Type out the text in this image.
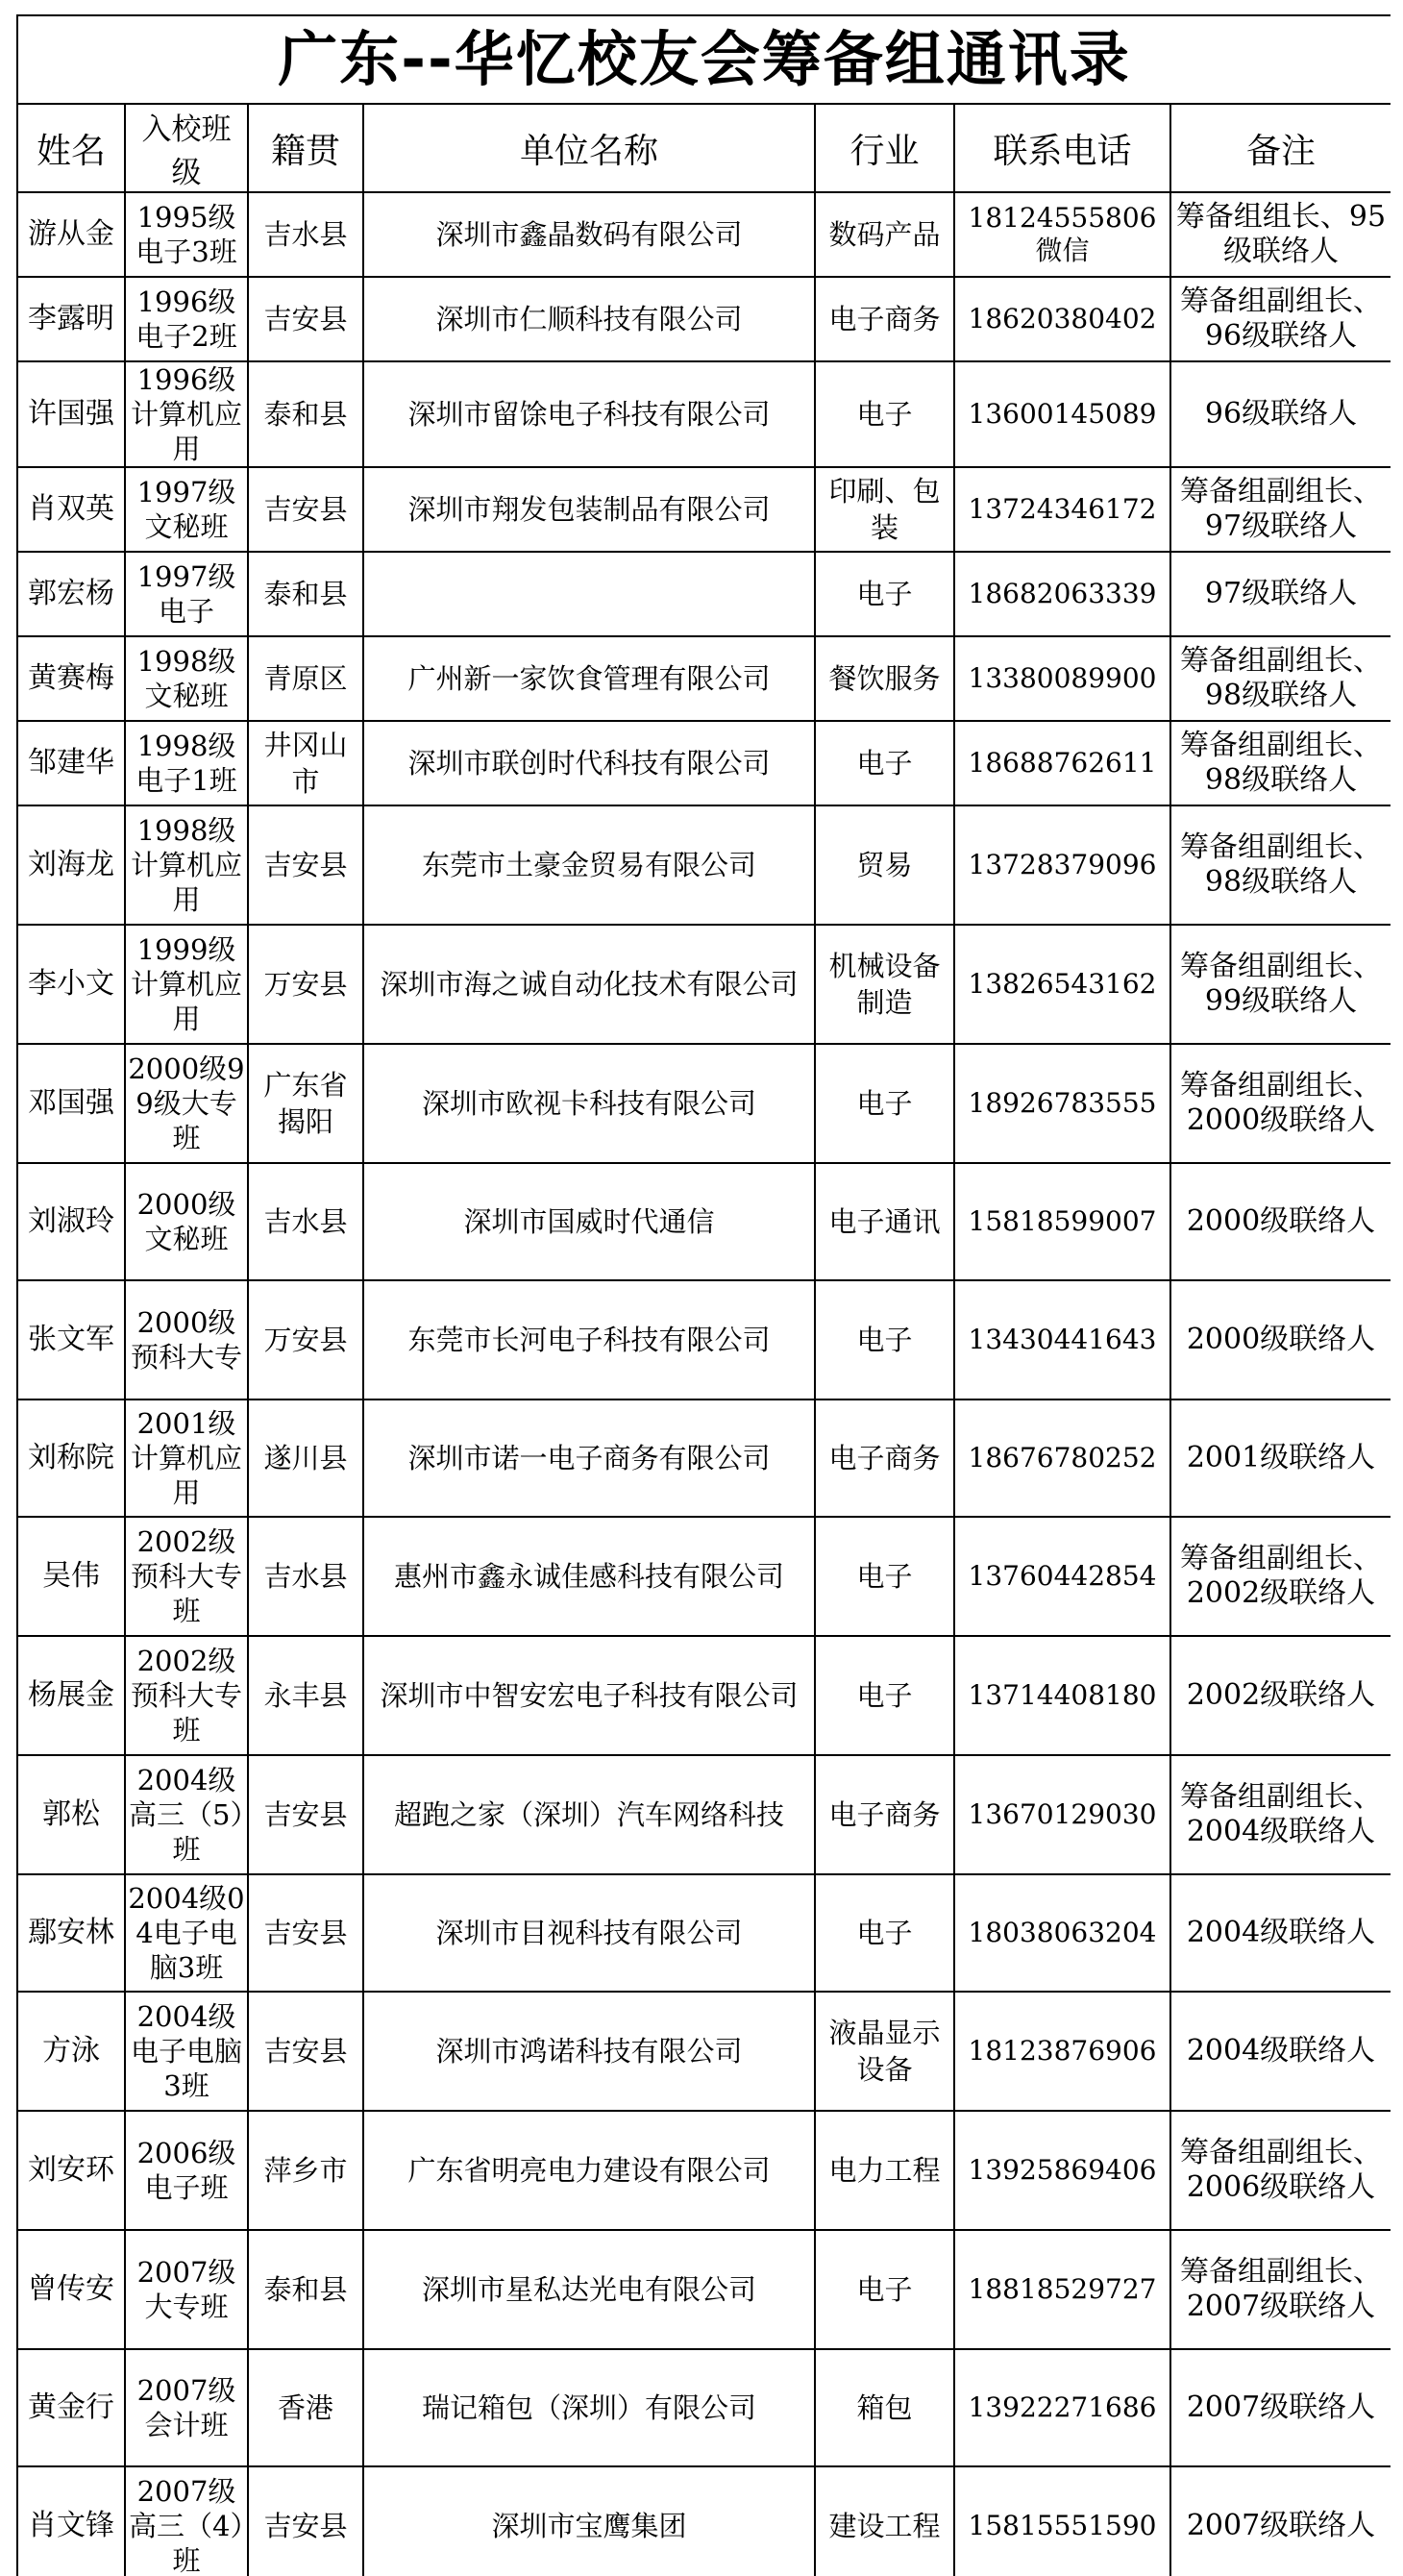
广东--华忆校友会筹备组通讯录						
姓名	入校班级	籍贯	单位名称	行业	联系电话	备注
游从金	1995级电子3班	吉水县	深圳市鑫晶数码有限公司	数码产品	18124555806 微信	筹备组组长、95级联络人
李露明	1996级电子2班	吉安县	深圳市仁顺科技有限公司	电子商务	18620380402	筹备组副组长、96级联络人
许国强	1996级计算机应用	泰和县	深圳市留馀电子科技有限公司	电子	13600145089	96级联络人
肖双英	1997级文秘班	吉安县	深圳市翔发包装制品有限公司	印刷、包装	13724346172	筹备组副组长、97级联络人
郭宏杨	1997级电子	泰和县		电子	18682063339	97级联络人
黄赛梅	1998级文秘班	青原区	广州新一家饮食管理有限公司	餐饮服务	13380089900	筹备组副组长、98级联络人
邹建华	1998级电子1班	井冈山市	深圳市联创时代科技有限公司	电子	18688762611	筹备组副组长、98级联络人
刘海龙	1998级计算机应用	吉安县	东莞市土豪金贸易有限公司	贸易	13728379096	筹备组副组长、98级联络人
李小文	1999级计算机应用	万安县	深圳市海之诚自动化技术有限公司	机械设备制造	13826543162	筹备组副组长、99级联络人
邓国强	2000级99级大专班	广东省揭阳	深圳市欧视卡科技有限公司	电子	18926783555	筹备组副组长、2000级联络人
刘淑玲	2000级文秘班	吉水县	深圳市国威时代通信	电子通讯	15818599007	2000级联络人
张文军	2000级预科大专	万安县	东莞市长河电子科技有限公司	电子	13430441643	2000级联络人
刘称院	2001级计算机应用	遂川县	深圳市诺一电子商务有限公司	电子商务	18676780252	2001级联络人
吴伟	2002级预科大专班	吉水县	惠州市鑫永诚佳感科技有限公司	电子	13760442854	筹备组副组长、2002级联络人
杨展金	2002级预科大专班	永丰县	深圳市中智安宏电子科技有限公司	电子	13714408180	2002级联络人
郭松	2004级高三（5）班	吉安县	超跑之家（深圳）汽车网络科技	电子商务	13670129030	筹备组副组长、2004级联络人
鄢安林	2004级04电子电脑3班	吉安县	深圳市目视科技有限公司	电子	18038063204	2004级联络人
方泳	2004级电子电脑3班	吉安县	深圳市鸿诺科技有限公司	液晶显示设备	18123876906	2004级联络人
刘安环	2006级电子班	萍乡市	广东省明亮电力建设有限公司	电力工程	13925869406	筹备组副组长、2006级联络人
曾传安	2007级大专班	泰和县	深圳市星私达光电有限公司	电子	18818529727	筹备组副组长、2007级联络人
黄金行	2007级会计班	香港	瑞记箱包（深圳）有限公司	箱包	13922271686	2007级联络人
肖文锋	2007级高三（4）班	吉安县	深圳市宝鹰集团	建设工程	15815551590	2007级联络人
